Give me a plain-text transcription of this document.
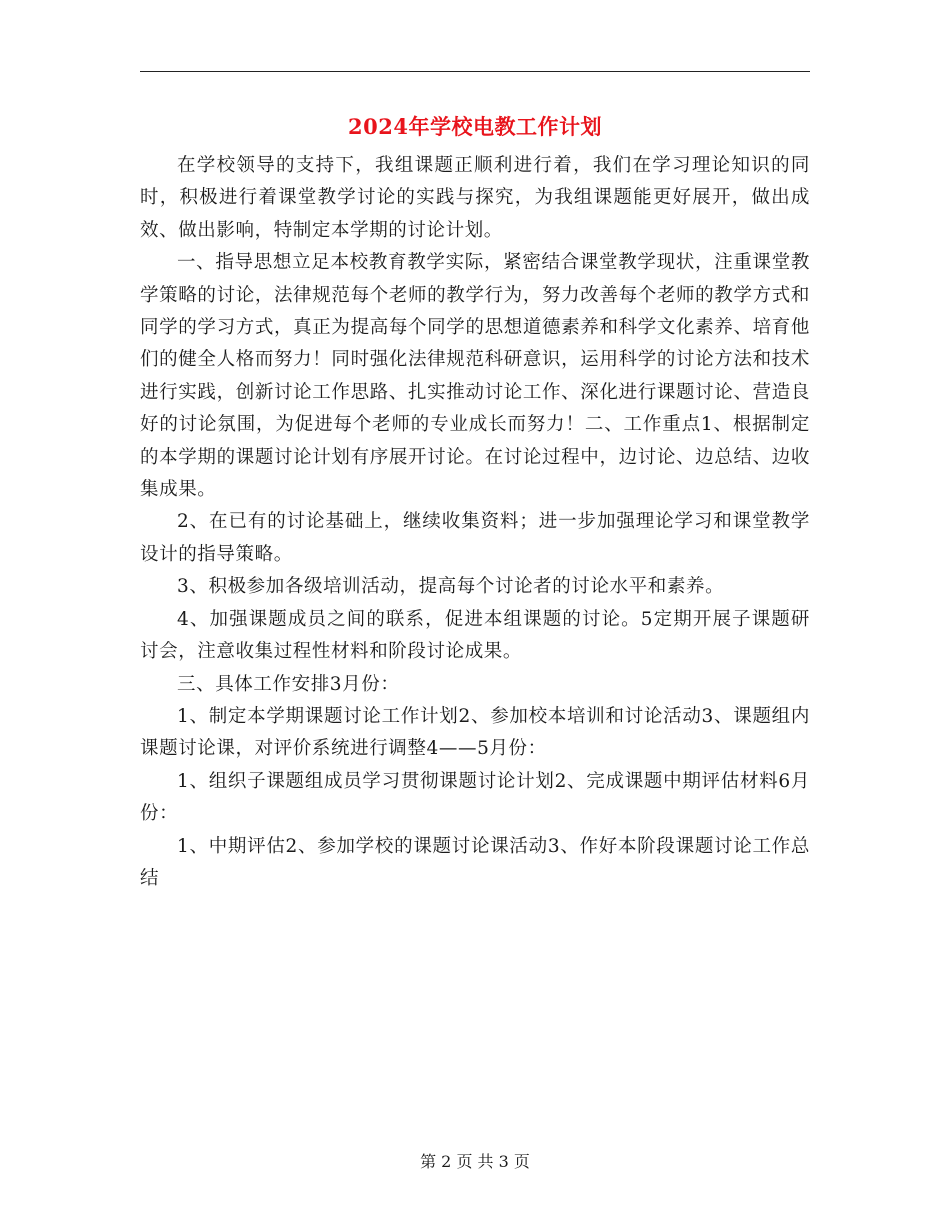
2024年学校电教工作计划

在学校领导的支持下，我组课题正顺利进行着，我们在学习理论知识的同时，积极进行着课堂教学讨论的实践与探究，为我组课题能更好展开，做出成效、做出影响，特制定本学期的讨论计划。

一、指导思想立足本校教育教学实际，紧密结合课堂教学现状，注重课堂教学策略的讨论，法律规范每个老师的教学行为，努力改善每个老师的教学方式和同学的学习方式，真正为提高每个同学的思想道德素养和科学文化素养、培育他们的健全人格而努力！同时强化法律规范科研意识，运用科学的讨论方法和技术进行实践，创新讨论工作思路、扎实推动讨论工作、深化进行课题讨论、营造良好的讨论氛围，为促进每个老师的专业成长而努力！二、工作重点1、根据制定的本学期的课题讨论计划有序展开讨论。在讨论过程中，边讨论、边总结、边收集成果。

2、在已有的讨论基础上，继续收集资料；进一步加强理论学习和课堂教学设计的指导策略。

3、积极参加各级培训活动，提高每个讨论者的讨论水平和素养。

4、加强课题成员之间的联系，促进本组课题的讨论。5定期开展子课题研讨会，注意收集过程性材料和阶段讨论成果。

三、具体工作安排3月份：

1、制定本学期课题讨论工作计划2、参加校本培训和讨论活动3、课题组内课题讨论课，对评价系统进行调整4——5月份：

1、组织子课题组成员学习贯彻课题讨论计划2、完成课题中期评估材料6月份：

1、中期评估2、参加学校的课题讨论课活动3、作好本阶段课题讨论工作总结

第 2 页 共 3 页
